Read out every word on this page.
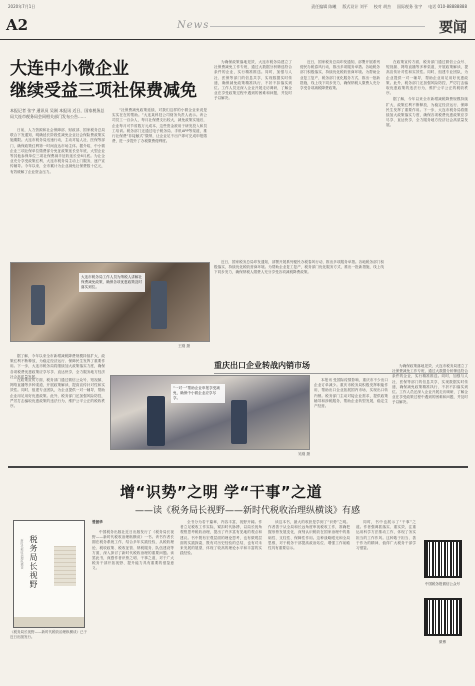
2020年7月1日	责任编辑 陈曦 版式设计 刘平 校对 胡杰 国际税务 张宇 电话 010-88888888
A2	News	要闻
大连中小微企业
继续受益三项社保费减免
本报记者 张宇 通讯员 吴刚 本报讯 近日，国家税务总局大连市税务局会同相关部门发布公告……

日前，人力资源和社会保障部、财政部、国家税务总局联合下发通知，明确延长阶段性减免企业社会保险费政策实施期限。大连市税务局迅速行动，主动对接人社、医保等部门，确保政策红利第一时间直达市场主体。据介绍，中小微企业三项社保单位缴费部分免征政策延长至年底，大型企业等其他参保单位三项社保费减半征收延长至6月底。为让企业充分享受政策红利，大连市税务局主动上门服务，逐户宣传辅导。今年以来，全市累计为企业减免社保费数十亿元，有效缓解了企业资金压力。

“社保费减免政策延续，对我们这样的小微企业来说是实实在在的帮助。”大连某科技公司财务负责人表示。该公司员工一百余人，每月社保费支出较大，减免政策实施后，企业每月可节省数万元成本，这些资金被用于研发投入和员工培训。税务部门还通过电子税务局、手机APP等渠道，推行社保费“非接触式”缴纳，让企业足不出户即可完成申报缴费，进一步提升了办税缴费便利度。

为确保政策落地见效，大连市税务局建立了社保费减免工作专班，通过大数据分析筛选符合条件的企业，实行精准推送。同时，加强与人社、医保等部门的信息共享，实现数据实时传递，确保减免政策精准执行、不折不扣落实到位。工作人员还深入企业开展走访调研，了解企业在享受政策过程中遇到的困难和问题，并及时予以解决。

近日，国家税务总局印发通知，部署开展系列便民办税春风行动，推出多项服务举措。各地税务部门积极落实，持续优化税收营商环境。为帮助企业复工复产，税务部门优化服务方式，推出一批新措施，线上线下同步发力，确保纳税人缴费人充分享受各项减税降费政策。

在政策宣传方面，税务部门通过微信公众号、短视频、网络直播等多种渠道，开展政策解读，提高宣传针对性和实效性。同时，组建专业团队，为企业提供一对一辅导，帮助企业用足用好优惠政策。此外，税务部门还加强风险防控，严厉打击骗取优惠政策的违法行为，维护公平公正的税收秩序。

据了解，今年以来全市新增减税降费规模持续扩大，政策红利不断释放，为稳定经济运行、保障民生发挥了重要作用。下一步，大连市税务局将继续加大政策落实力度，确保各项税费优惠政策应享尽享、直达快享，全力服务地方经济社会高质量发展。

大连市税务局工作人员为纳税人讲解社保费减免政策，确保各项优惠政策及时落实到位。
王刚 摄

据了解，今年以来全市新增减税降费规模持续扩大，政策红利不断释放，为稳定经济运行、保障民生发挥了重要作用。下一步，大连市税务局将继续加大政策落实力度，确保各项税费优惠政策应享尽享、直达快享，全力服务地方经济社会高质量发展。

“一对一”帮助企业申报享受减免，确保中小微企业应享尽享。
吴刚 摄

在政策宣传方面，税务部门通过微信公众号、短视频、网络直播等多种渠道，开展政策解读，提高宣传针对性和实效性。同时，组建专业团队，为企业提供一对一辅导，帮助企业用足用好优惠政策。此外，税务部门还加强风险防控，严厉打击骗取优惠政策的违法行为，维护公平公正的税收秩序。

重庆出口企业转战内销市场

近日，国家税务总局印发通知，部署开展系列便民办税春风行动，推出多项服务举措。各地税务部门积极落实，持续优化税收营商环境。为帮助企业复工复产，税务部门优化服务方式，推出一批新措施，线上线下同步发力，确保纳税人缴费人充分享受各项减税降费政策。

本报讯 受国际疫情影响，重庆市不少出口企业订单减少。重庆市税务局积极发挥职能作用，帮助出口企业拓展国内市场，实现出口转内销。税务部门主动对接企业需求，提供政策辅导和涉税服务，帮助企业转型发展，稳定生产经营。

为确保政策落地见效，大连市税务局建立了社保费减免工作专班，通过大数据分析筛选符合条件的企业，实行精准推送。同时，加强与人社、医保等部门的信息共享，实现数据实时传递，确保减免政策精准执行、不折不扣落实到位。工作人员还深入企业开展走访调研，了解企业在享受政策过程中遇到的困难和问题，并及时予以解决。

增“识势”之明 学“干事”之道
——读《税务局长视野——新时代税收治理纵横谈》有感
新时代税收治理纵横谈 税务局长视野
《税务局长视野——新时代税收治理纵横谈》已于近日出版发行。
曾振华

中国税务出版社近日出版发行了《税务局长视野——新时代税收治理纵横谈》一书。该书作者长期在税务系统工作，结合多年实践经验，从税收理论、税收政策、税收征管、纳税服务、队伍建设等方面，深入探讨了新时代税收治理的重要问题。读罢此书，深感作者识势之明、干事之道，对于广大税务干部开拓视野、提升能力具有重要的借鉴意义。

全书分为若干篇章，内容丰富，视野开阔。作者立足税收工作实际，紧扣时代脉搏，以局长视角观察思考税收治理，提出了许多富有见地的观点和建议。书中既有宏观层面的理论思考，也有微观层面的实践探索，既有对历史经验的总结，也有对未来发展的展望，体现了较高的理论水平和丰富的实践经验。

读这本书，最大的收获是学到了“识势”之明。作者善于从全局和长远角度审视税收工作，准确把握形势发展变化，深刻认识税收在国家治理中的基础性、支柱性、保障性作用。这种战略眼光和全局思维，对于税务干部提高政治站位、增强工作前瞻性具有重要启示。

同时，书中也展示了“干事”之道。作者强调抓落实、重实效，注重运用科学方法推动工作，体现了务实担当的工作作风。这种敢于担当、善于作为的精神，值得广大税务干部学习借鉴。

中国税务报微信公众号
微博
